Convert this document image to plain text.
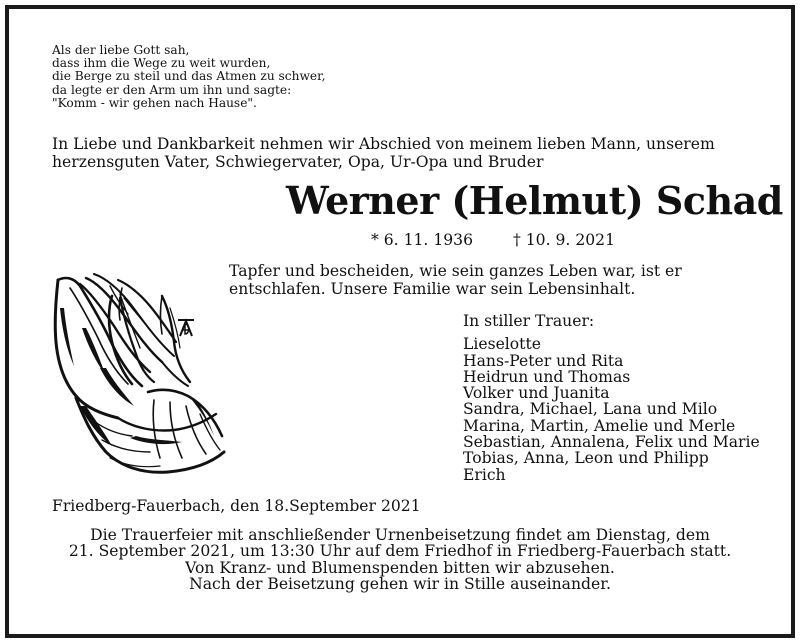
Als der liebe Gott sah,
dass ihm die Wege zu weit wurden,
die Berge zu steil und das Atmen zu schwer,
da legte er den Arm um ihn und sagte:
"Komm - wir gehen nach Hause".
In Liebe und Dankbarkeit nehmen wir Abschied von meinem lieben Mann, unserem
herzensguten Vater, Schwiegervater, Opa, Ur-Opa und Bruder
Werner (Helmut) Schad
* 6. 11. 1936	† 10. 9. 2021
Tapfer und bescheiden, wie sein ganzes Leben war, ist er
entschlafen. Unsere Familie war sein Lebensinhalt.
In stiller Trauer:
Lieselotte
Hans-Peter und Rita
Heidrun und Thomas
Volker und Juanita
Sandra, Michael, Lana und Milo
Marina, Martin, Amelie und Merle
Sebastian, Annalena, Felix und Marie
Tobias, Anna, Leon und Philipp
Erich
Friedberg-Fauerbach, den 18.September 2021
Die Trauerfeier mit anschließender Urnenbeisetzung findet am Dienstag, dem
21. September 2021, um 13:30 Uhr auf dem Friedhof in Friedberg-Fauerbach statt.
Von Kranz- und Blumenspenden bitten wir abzusehen.
Nach der Beisetzung gehen wir in Stille auseinander.
